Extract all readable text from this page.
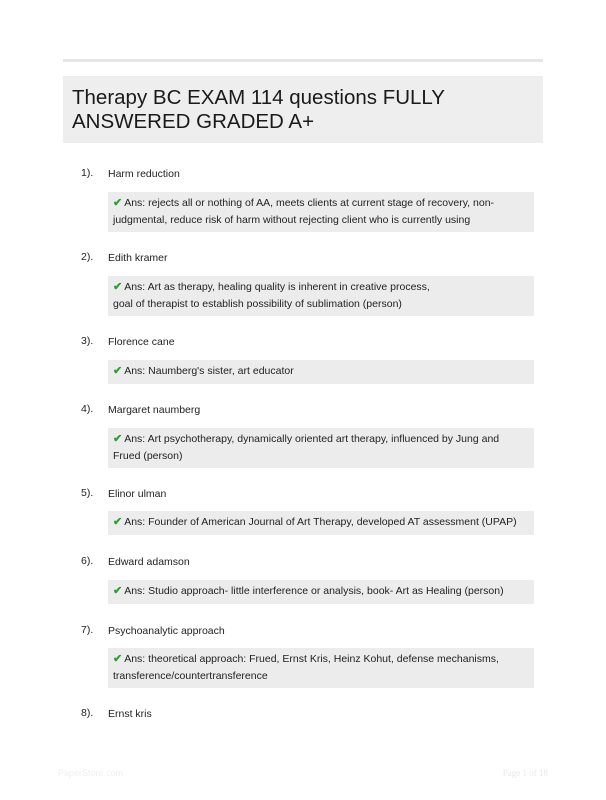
Therapy BC EXAM 114 questions FULLY ANSWERED GRADED A+
1). Harm reduction
✔ Ans: rejects all or nothing of AA, meets clients at current stage of recovery, non-judgmental, reduce risk of harm without rejecting client who is currently using
2). Edith kramer
✔ Ans: Art as therapy, healing quality is inherent in creative process, goal of therapist to establish possibility of sublimation (person)
3). Florence cane
✔ Ans: Naumberg's sister, art educator
4). Margaret naumberg
✔ Ans: Art psychotherapy, dynamically oriented art therapy, influenced by Jung and Frued (person)
5). Elinor ulman
✔ Ans: Founder of American Journal of Art Therapy, developed AT assessment (UPAP)
6). Edward adamson
✔ Ans: Studio approach- little interference or analysis, book- Art as Healing (person)
7). Psychoanalytic approach
✔ Ans: theoretical approach: Frued, Ernst Kris, Heinz Kohut, defense mechanisms, transference/countertransference
8). Ernst kris
PaperStore.com	Page 1 of 18
